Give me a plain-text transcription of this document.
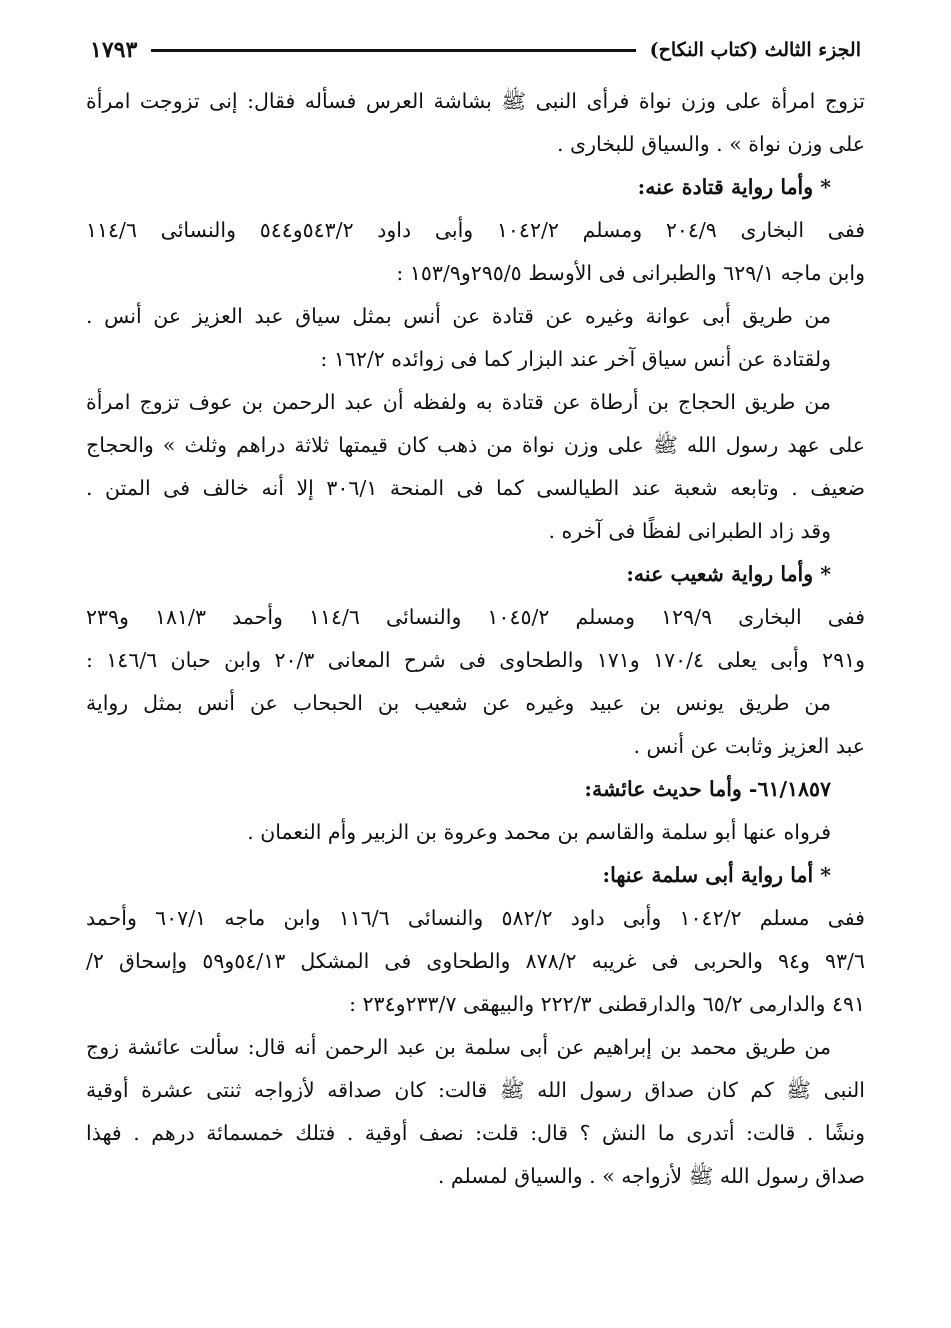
الجزء الثالث (كتاب النكاح)
١٧٩٣
تزوج امرأة على وزن نواة فرأى النبى ﷺ بشاشة العرس فسأله فقال: إنى تزوجت امرأة
على وزن نواة » . والسياق للبخارى .
* وأما رواية قتادة عنه:
ففى البخارى ٢٠٤/٩ ومسلم ١٠٤٢/٢ وأبى داود ٥٤٣/٢و٥٤٤ والنسائى ١١٤/٦
وابن ماجه ٦٢٩/١ والطبرانى فى الأوسط ٢٩٥/٥و١٥٣/٩ :
من طريق أبى عوانة وغيره عن قتادة عن أنس بمثل سياق عبد العزيز عن أنس .
ولقتادة عن أنس سياق آخر عند البزار كما فى زوائده ١٦٢/٢ :
من طريق الحجاج بن أرطاة عن قتادة به ولفظه أن عبد الرحمن بن عوف تزوج امرأة
على عهد رسول الله ﷺ على وزن نواة من ذهب كان قيمتها ثلاثة دراهم وثلث » والحجاج
ضعيف . وتابعه شعبة عند الطيالسى كما فى المنحة ٣٠٦/١ إلا أنه خالف فى المتن .
وقد زاد الطبرانى لفظًا فى آخره .
* وأما رواية شعيب عنه:
ففى البخارى ١٢٩/٩ ومسلم ١٠٤٥/٢ والنسائى ١١٤/٦ وأحمد ١٨١/٣ و٢٣٩
و٢٩١ وأبى يعلى ١٧٠/٤ و١٧١ والطحاوى فى شرح المعانى ٢٠/٣ وابن حبان ١٤٦/٦ :
من طريق يونس بن عبيد وغيره عن شعيب بن الحبحاب عن أنس بمثل رواية
عبد العزيز وثابت عن أنس .
٦١/١٨٥٧- وأما حديث عائشة:
فرواه عنها أبو سلمة والقاسم بن محمد وعروة بن الزبير وأم النعمان .
* أما رواية أبى سلمة عنها:
ففى مسلم ١٠٤٢/٢ وأبى داود ٥٨٢/٢ والنسائى ١١٦/٦ وابن ماجه ٦٠٧/١ وأحمد
٩٣/٦ و٩٤ والحربى فى غريبه ٨٧٨/٢ والطحاوى فى المشكل ٥٤/١٣و٥٩ وإسحاق ٢/
٤٩١ والدارمى ٦٥/٢ والدارقطنى ٢٢٢/٣ والبيهقى ٢٣٣/٧و٢٣٤ :
من طريق محمد بن إبراهيم عن أبى سلمة بن عبد الرحمن أنه قال: سألت عائشة زوج
النبى ﷺ كم كان صداق رسول الله ﷺ قالت: كان صداقه لأزواجه ثنتى عشرة أوقية
ونشًا . قالت: أتدرى ما النش ؟ قال: قلت: نصف أوقية . فتلك خمسمائة درهم . فهذا
صداق رسول الله ﷺ لأزواجه » . والسياق لمسلم .
